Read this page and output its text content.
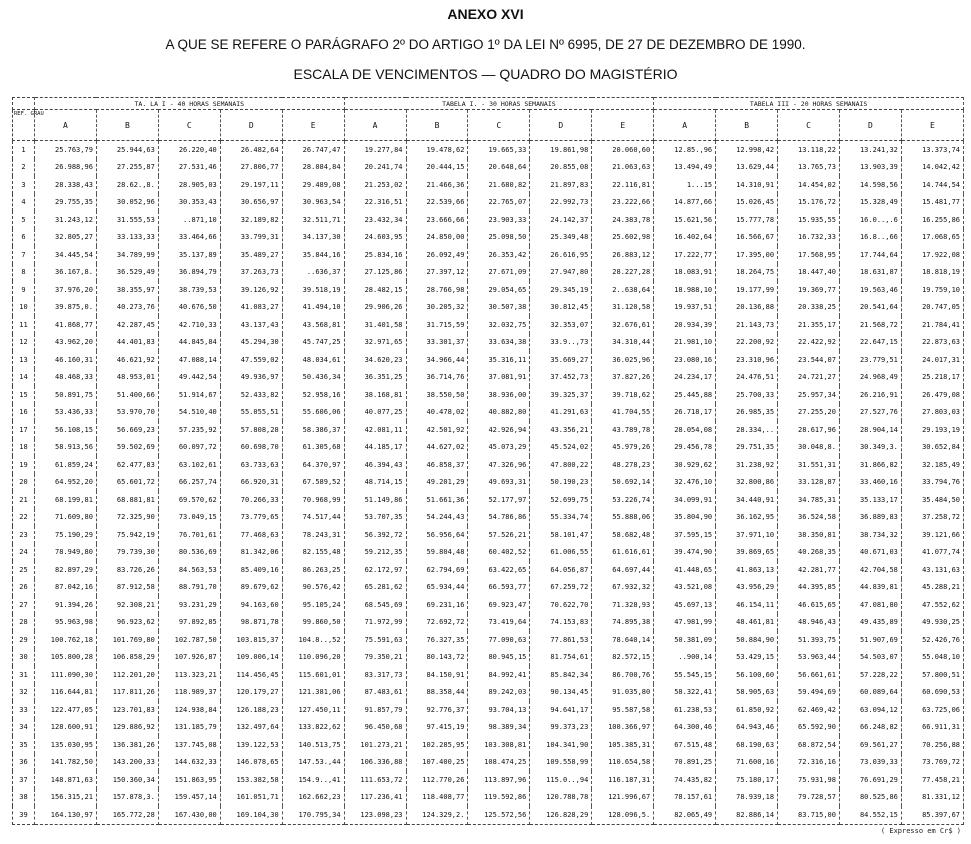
ANEXO XVI
A QUE SE REFERE O PARÁGRAFO 2º DO ARTIGO 1º DA LEI Nº 6995, DE 27 DE DEZEMBRO DE 1990.
ESCALA DE VENCIMENTOS — QUADRO DO MAGISTÉRIO
	TA. LA I - 40 HORAS SEMANAIS					TABELA I. - 30 HORAS SEMANAIS					TABELA III - 20 HORAS SEMANAIS				
REF. GRAU	A	B	C	D	E	A	B	C	D	E	A	B	C	D	E
1	25.763,79	25.944,63	26.220,40	26.482,64	26.747,47	19.277,84	19.478,62	19.665,33	19.861,98	20.060,60	12.85.,96	12.998,42	13.118,22	13.241,32	13.373,74
2	26.988,96	27.255,87	27.531,46	27.806,77	28.084,84	20.241,74	20.444,15	20.648,64	20.855,08	21.063,63	13.494,49	13.629,44	13.765,73	13.903,39	14.042,42
3	28.338,43	28.62.,8.	28.905,03	29.197,11	29.489,08	21.253,02	21.466,36	21.680,82	21.897,83	22.116,81	1...15	14.310,91	14.454,02	14.598,56	14.744,54
4	29.755,35	30.052,96	30.353,43	30.656,97	30.963,54	22.316,51	22.539,66	22.765,07	22.992,73	23.222,66	14.877,66	15.026,45	15.176,72	15.328,49	15.481,77
5	31.243,12	31.555,53	..871,10	32.189,82	32.511,71	23.432,34	23.666,66	23.903,33	24.142,37	24.383,78	15.621,56	15.777,78	15.935,55	16.0..,.6	16.255,86
6	32.805,27	33.133,33	33.464,66	33.799,31	34.137,30	24.603,95	24.850,00	25.098,50	25.349,48	25.602,98	16.402,64	16.566,67	16.732,33	16.8..,66	17.068,65
7	34.445,54	34.789,99	35.137,89	35.489,27	35.844,16	25.834,16	26.092,49	26.353,42	26.616,95	26.883,12	17.222,77	17.395,00	17.568,95	17.744,64	17.922,08
8	36.167,8.	36.529,49	36.894,79	37.263,73	..636,37	27.125,86	27.397,12	27.671,09	27.947,80	28.227,28	18.083,91	18.264,75	18.447,40	18.631,87	18.818,19
9	37.976,20	38.355,97	38.739,53	39.126,92	39.518,19	28.482,15	28.766,98	29.054,65	29.345,19	2..638,64	18.988,10	19.177,99	19.369,77	19.563,46	19.759,10
10	39.875,0.	40.273,76	40.676,50	41.083,27	41.494,10	29.906,26	30.205,32	30.507,38	30.812,45	31.120,58	19.937,51	20.136,88	20.338,25	20.541,64	20.747,05
11	41.868,77	42.287,45	42.710,33	43.137,43	43.568,81	31.401,58	31.715,59	32.032,75	32.353,07	32.676,61	20.934,39	21.143,73	21.355,17	21.568,72	21.784,41
12	43.962,20	44.401,83	44.845,84	45.294,30	45.747,25	32.971,65	33.301,37	33.634,38	33.9..,73	34.310,44	21.981,10	22.200,92	22.422,92	22.647,15	22.873,63
13	46.160,31	46.621,92	47.088,14	47.559,02	48.034,61	34.620,23	34.966,44	35.316,11	35.669,27	36.025,96	23.080,16	23.310,96	23.544,07	23.779,51	24.017,31
14	48.468,33	48.953,01	49.442,54	49.936,97	50.436,34	36.351,25	36.714,76	37.081,91	37.452,73	37.827,26	24.234,17	24.476,51	24.721,27	24.968,49	25.218,17
15	50.891,75	51.400,66	51.914,67	52.433,82	52.958,16	38.168,81	38.550,50	38.936,00	39.325,37	39.718,62	25.445,88	25.700,33	25.957,34	26.216,91	26.479,08
16	53.436,33	53.970,70	54.510,40	55.055,51	55.606,06	40.077,25	40.478,02	40.882,80	41.291,63	41.704,55	26.718,17	26.985,35	27.255,20	27.527,76	27.803,03
17	56.108,15	56.669,23	57.235,92	57.808,28	58.386,37	42.081,11	42.501,92	42.926,94	43.356,21	43.789,78	28.054,08	28.334,..	28.617,96	28.904,14	29.193,19
18	58.913,56	59.502,69	60.097,72	60.698,70	61.305,68	44.185,17	44.627,02	45.073,29	45.524,02	45.979,26	29.456,78	29.751,35	30.048,8.	30.349,3.	30.652,84
19	61.859,24	62.477,83	63.102,61	63.733,63	64.370,97	46.394,43	46.858,37	47.326,96	47.800,22	48.278,23	30.929,62	31.238,92	31.551,31	31.866,82	32.185,49
20	64.952,20	65.601,72	66.257,74	66.920,31	67.589,52	48.714,15	49.201,29	49.693,31	50.190,23	50.692,14	32.476,10	32.800,86	33.128,87	33.460,16	33.794,76
21	68.199,81	68.881,81	69.570,62	70.266,33	70.968,99	51.149,86	51.661,36	52.177,97	52.699,75	53.226,74	34.099,91	34.440,91	34.785,31	35.133,17	35.484,50
22	71.609,80	72.325,90	73.049,15	73.779,65	74.517,44	53.707,35	54.244,43	54.786,86	55.334,74	55.888,06	35.804,90	36.162,95	36.524,58	36.889,83	37.258,72
23	75.190,29	75.942,19	76.701,61	77.468,63	78.243,31	56.392,72	56.956,64	57.526,21	58.101,47	58.682,48	37.595,15	37.971,10	38.350,81	38.734,32	39.121,66
24	78.949,80	79.739,30	80.536,69	81.342,06	82.155,48	59.212,35	59.804,48	60.402,52	61.006,55	61.616,61	39.474,90	39.869,65	40.268,35	40.671,03	41.077,74
25	82.897,29	83.726,26	84.563,53	85.409,16	86.263,25	62.172,97	62.794,69	63.422,65	64.056,87	64.697,44	41.448,65	41.863,13	42.281,77	42.704,58	43.131,63
26	87.042,16	87.912,58	88.791,70	89.679,62	90.576,42	65.281,62	65.934,44	66.593,77	67.259,72	67.932,32	43.521,08	43.956,29	44.395,85	44.839,81	45.288,21
27	91.394,26	92.308,21	93.231,29	94.163,60	95.105,24	68.545,69	69.231,16	69.923,47	70.622,70	71.328,93	45.697,13	46.154,11	46.615,65	47.081,80	47.552,62
28	95.963,98	96.923,62	97.892,85	98.871,78	99.860,50	71.972,99	72.692,72	73.419,64	74.153,83	74.895,38	47.981,99	48.461,81	48.946,43	49.435,89	49.930,25
29	100.762,18	101.769,80	102.787,50	103.815,37	104.8..,52	75.591,63	76.327,35	77.090,63	77.861,53	78.640,14	50.381,09	50.884,90	51.393,75	51.907,69	52.426,76
30	105.800,28	106.858,29	107.926,87	109.006,14	110.096,20	79.350,21	80.143,72	80.945,15	81.754,61	82.572,15	..900,14	53.429,15	53.963,44	54.503,07	55.048,10
31	111.090,30	112.201,20	113.323,21	114.456,45	115.601,01	83.317,73	84.150,91	84.992,41	85.842,34	86.700,76	55.545,15	56.100,60	56.661,61	57.228,22	57.800,51
32	116.644,81	117.811,26	118.989,37	120.179,27	121.381,06	87.483,61	88.358,44	89.242,03	90.134,45	91.035,80	58.322,41	58.905,63	59.494,69	60.089,64	60.690,53
33	122.477,05	123.701,83	124.938,84	126.188,23	127.450,11	91.857,79	92.776,37	93.704,13	94.641,17	95.587,58	61.238,53	61.850,92	62.469,42	63.094,12	63.725,06
34	128.600,91	129.886,92	131.185,79	132.497,64	133.822,62	96.450,68	97.415,19	98.389,34	99.373,23	100.366,97	64.300,46	64.943,46	65.592,90	66.248,82	66.911,31
35	135.030,95	136.381,26	137.745,08	139.122,53	140.513,75	101.273,21	102.285,95	103.308,81	104.341,90	105.385,31	67.515,48	68.190,63	68.872,54	69.561,27	70.256,88
36	141.782,50	143.200,33	144.632,33	146.078,65	147.53.,44	106.336,88	107.400,25	108.474,25	109.558,99	110.654,58	70.891,25	71.600,16	72.316,16	73.039,33	73.769,72
37	148.871,63	150.360,34	151.863,95	153.382,58	154.9..,41	111.653,72	112.770,26	113.897,96	115.0..,94	116.187,31	74.435,82	75.180,17	75.931,98	76.691,29	77.458,21
38	156.315,21	157.878,3.	159.457,14	161.051,71	162.662,23	117.236,41	118.408,77	119.592,86	120.788,78	121.996,67	78.157,61	78.939,18	79.728,57	80.525,86	81.331,12
39	164.130,97	165.772,28	167.430,00	169.104,30	170.795,34	123.098,23	124.329,2.	125.572,56	126.828,29	128.096,5.	82.065,49	82.886,14	83.715,00	84.552,15	85.397,67
( Expresso em Cr$ )
